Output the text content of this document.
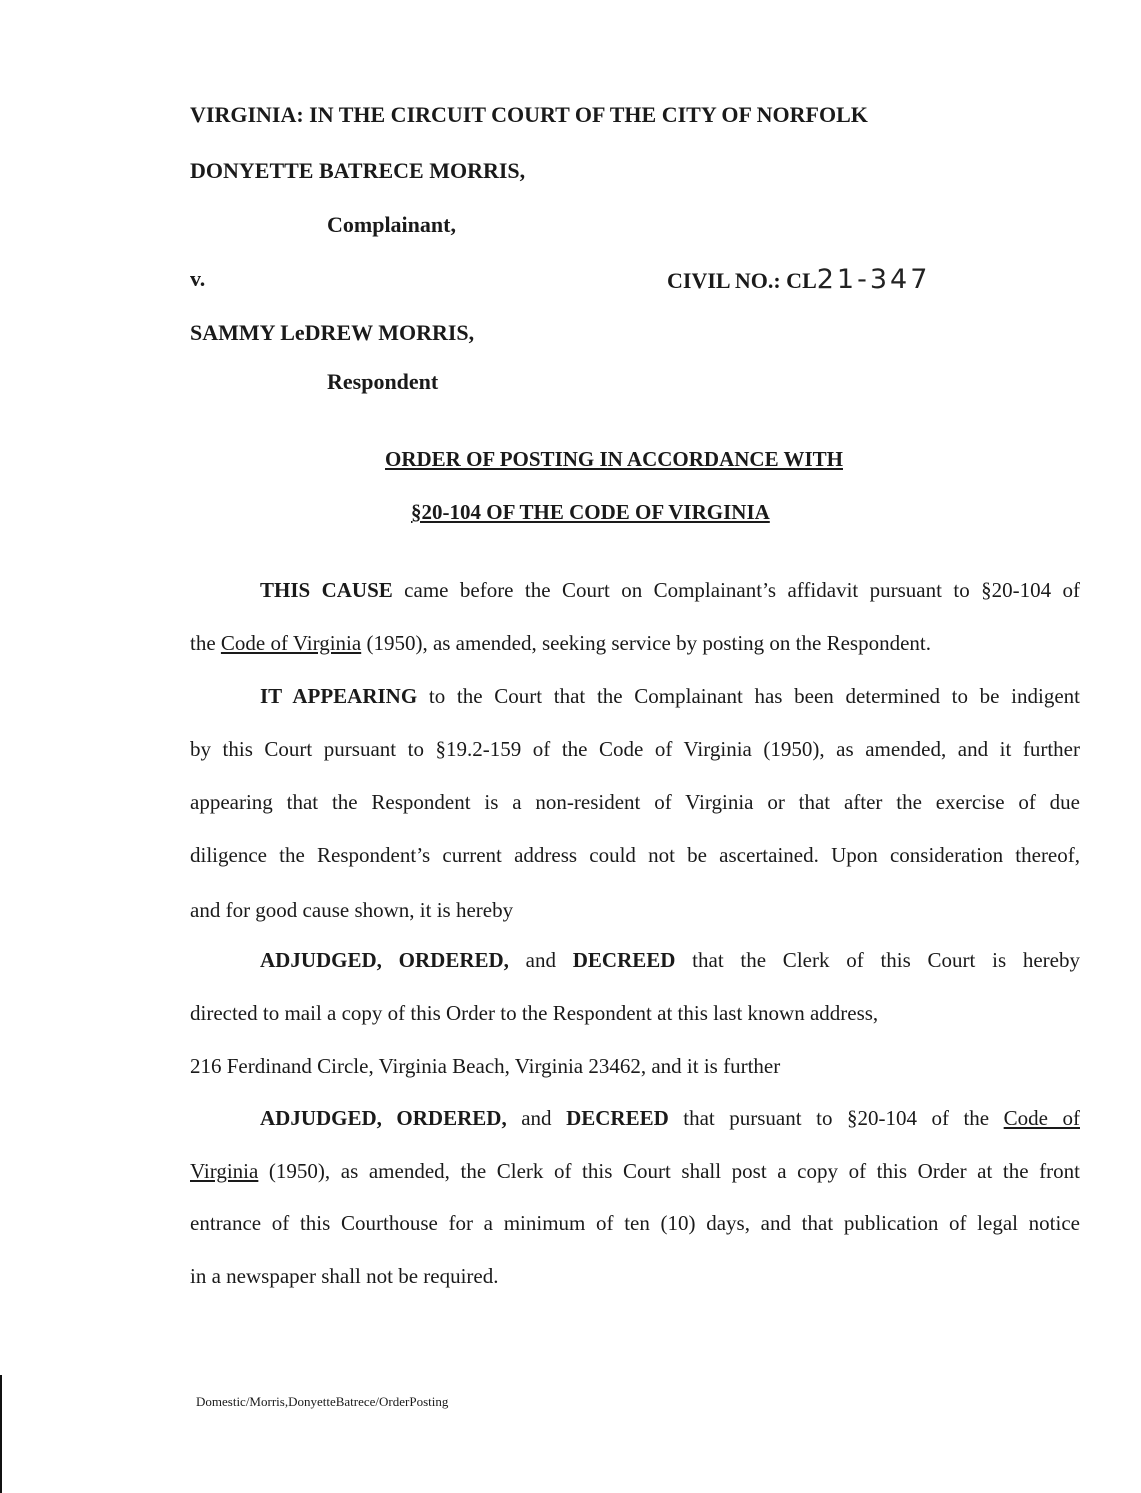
VIRGINIA: IN THE CIRCUIT COURT OF THE CITY OF NORFOLK
DONYETTE BATRECE MORRIS,
Complainant,
v.	CIVIL NO.: CL21-347
SAMMY LeDREW MORRIS,
Respondent
ORDER OF POSTING IN ACCORDANCE WITH
§20-104 OF THE CODE OF VIRGINIA
THIS CAUSE came before the Court on Complainant’s affidavit pursuant to §20-104 of
the Code of Virginia (1950), as amended, seeking service by posting on the Respondent.
IT APPEARING to the Court that the Complainant has been determined to be indigent
by this Court pursuant to §19.2-159 of the Code of Virginia (1950), as amended, and it further
appearing that the Respondent is a non-resident of Virginia or that after the exercise of due
diligence the Respondent’s current address could not be ascertained. Upon consideration thereof,
and for good cause shown, it is hereby
ADJUDGED, ORDERED, and DECREED that the Clerk of this Court is hereby
directed to mail a copy of this Order to the Respondent at this last known address,
216 Ferdinand Circle, Virginia Beach, Virginia 23462, and it is further
ADJUDGED, ORDERED, and DECREED that pursuant to §20-104 of the Code of
Virginia (1950), as amended, the Clerk of this Court shall post a copy of this Order at the front
entrance of this Courthouse for a minimum of ten (10) days, and that publication of legal notice
in a newspaper shall not be required.
Domestic/Morris,DonyetteBatrece/OrderPosting
